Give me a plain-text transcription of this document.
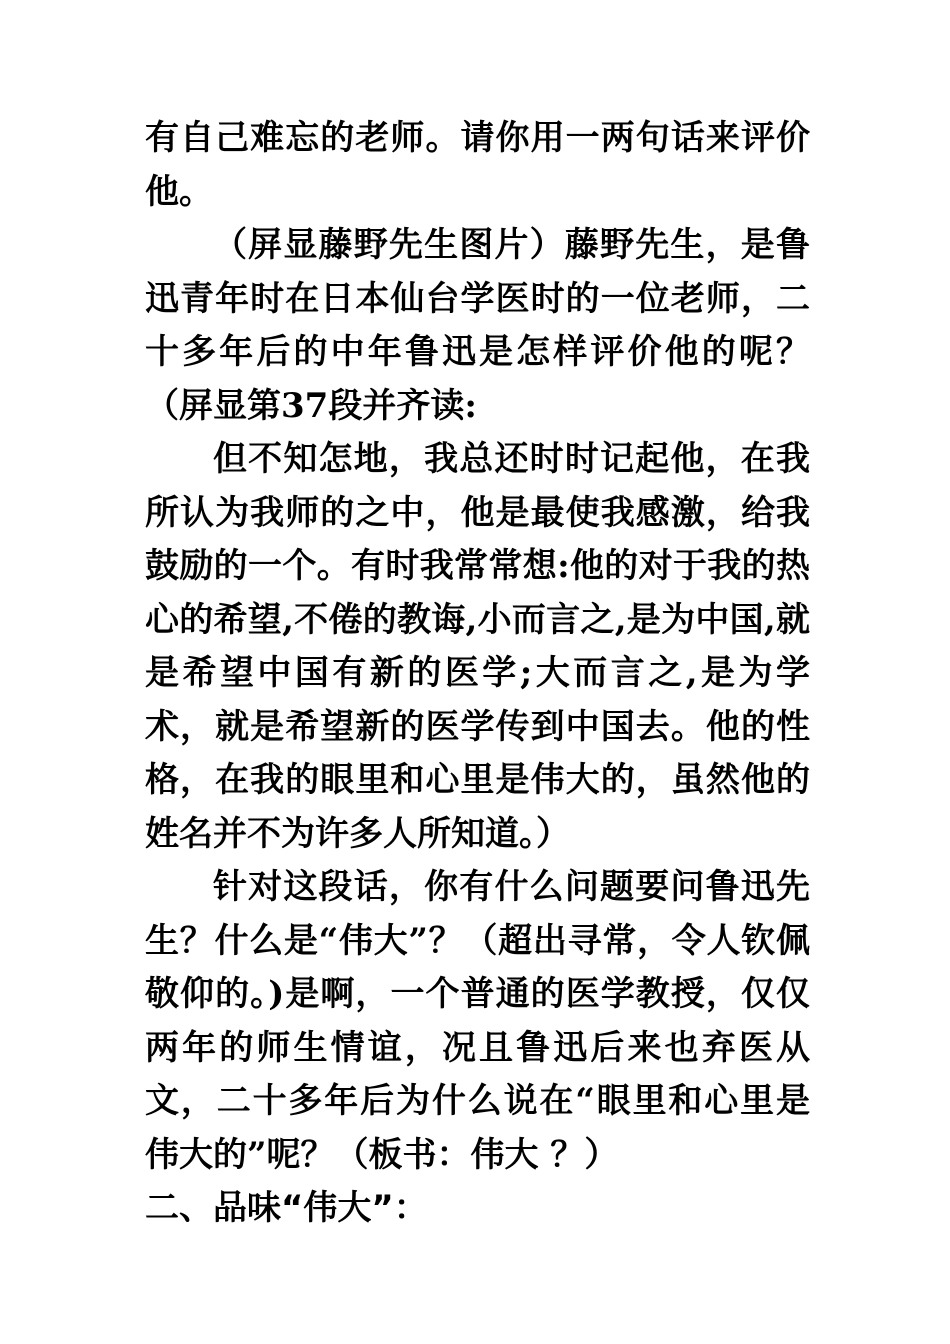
有自己难忘的老师。请你用一两句话来评价他。

（屏显藤野先生图片）藤野先生，是鲁迅青年时在日本仙台学医时的一位老师，二十多年后的中年鲁迅是怎样评价他的呢？（屏显第37段并齐读:

但不知怎地，我总还时时记起他，在我所认为我师的之中，他是最使我感激，给我鼓励的一个。有时我常常想:他的对于我的热心的希望,不倦的教诲,小而言之,是为中国,就是希望中国有新的医学;大而言之,是为学术，就是希望新的医学传到中国去。他的性格，在我的眼里和心里是伟大的，虽然他的姓名并不为许多人所知道。）

针对这段话，你有什么问题要问鲁迅先生？什么是“伟大”？（超出寻常，令人钦佩敬仰的。)是啊，一个普通的医学教授，仅仅两年的师生情谊，况且鲁迅后来也弃医从文，二十多年后为什么说在“眼里和心里是伟大的”呢？（板书：伟大 ？）

二、品味“伟大”：
